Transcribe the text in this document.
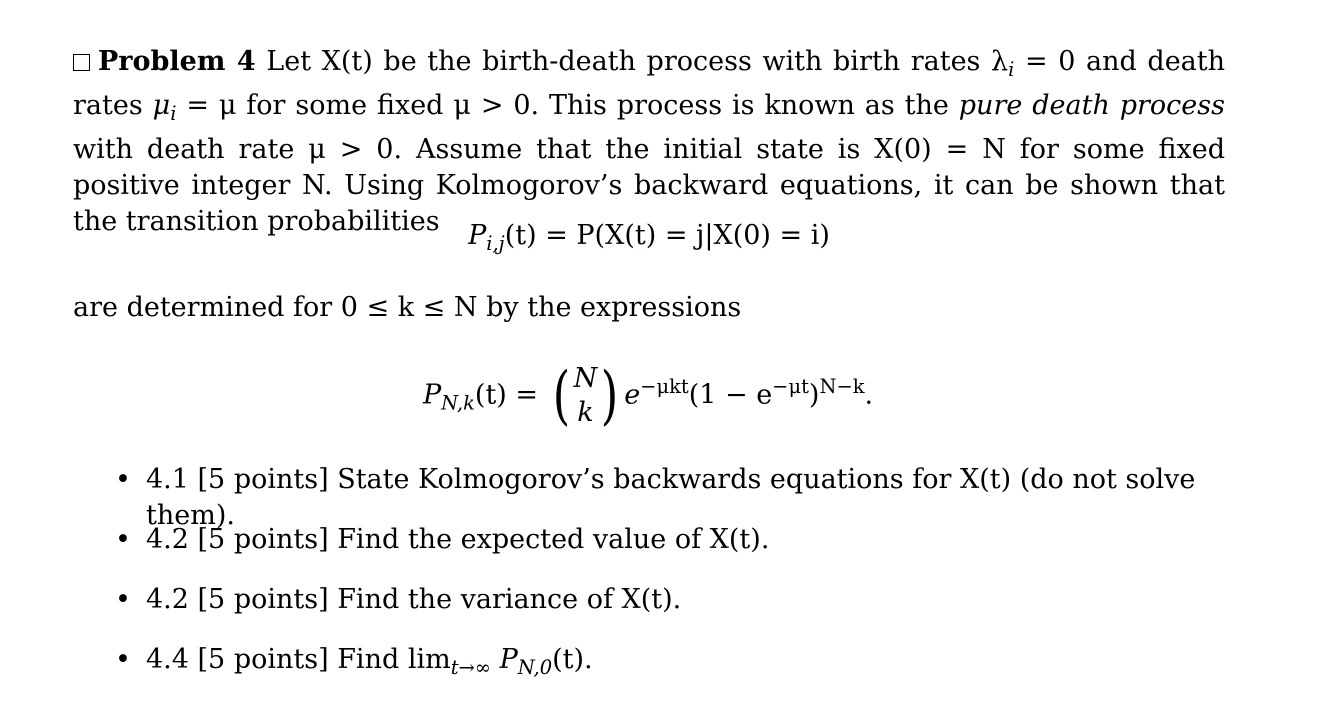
Problem 4 Let X(t) be the birth-death process with birth rates $\lambda_i = 0$ and death rates $\mu_i = \mu$ for some fixed μ > 0. This process is known as the pure death process with death rate μ > 0. Assume that the initial state is X(0) = N for some fixed positive integer N. Using Kolmogorov’s backward equations, it can be shown that the transition probabilities	$P_{i,j}(t) = P(X(t) = j|X(0) = i)$

are determined for 0 ≤ k ≤ N by the expressions

$P_{N,k}(t)$ = ( N
k ) $e^{-\mu kt}(1 - e^{-\mu t})^{N-k}$.
• 4.1 [5 points] State Kolmogorov’s backwards equations for X(t) (do not solve them).
• 4.2 [5 points] Find the expected value of X(t).
• 4.2 [5 points] Find the variance of X(t).
• 4.4 [5 points] Find $\lim_{t\to\infty} P_{N,0}(t)$.
